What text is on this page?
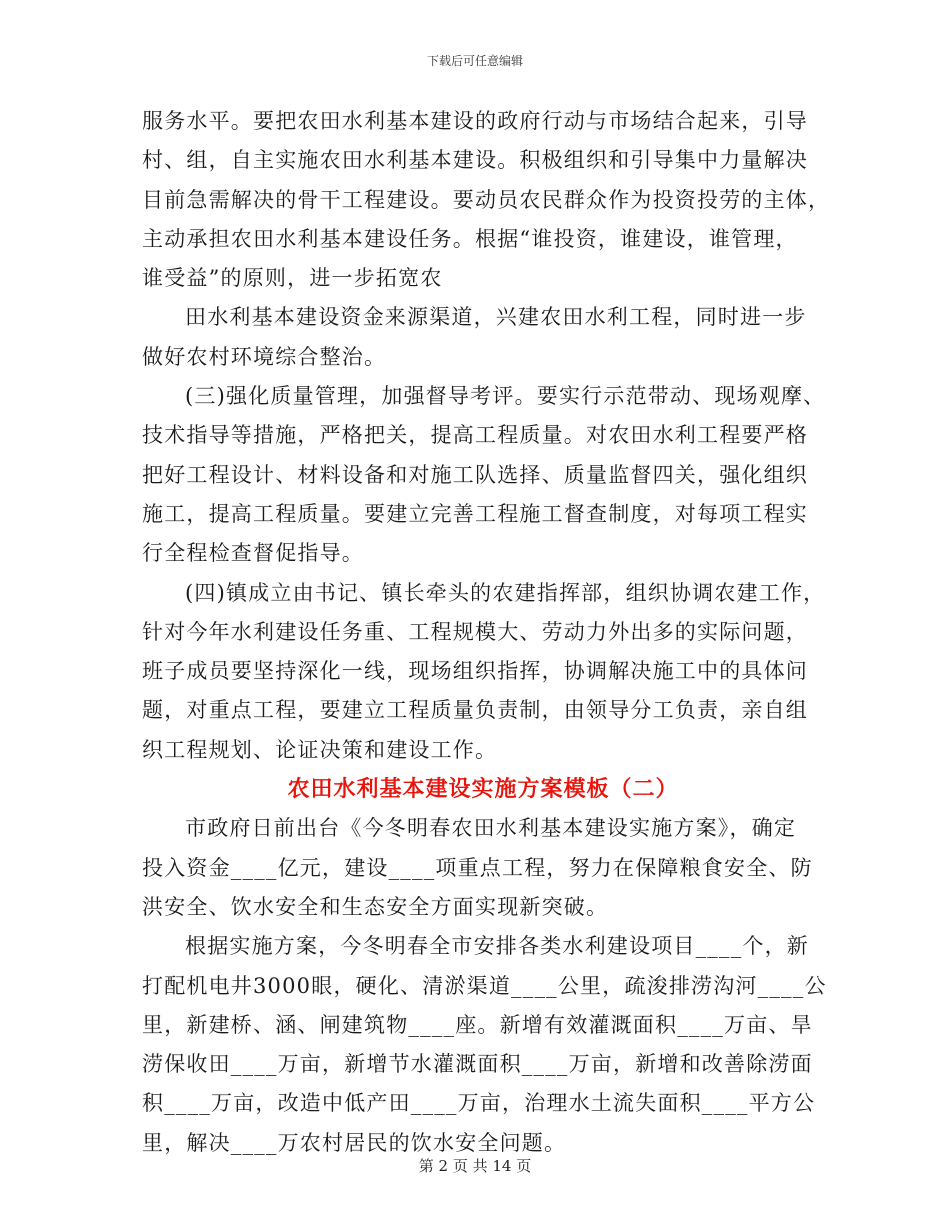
下载后可任意编辑
服务水平。要把农田水利基本建设的政府行动与市场结合起来，引导
村、组，自主实施农田水利基本建设。积极组织和引导集中力量解决
目前急需解决的骨干工程建设。要动员农民群众作为投资投劳的主体，
主动承担农田水利基本建设任务。根据“谁投资，谁建设，谁管理，
谁受益”的原则，进一步拓宽农
田水利基本建设资金来源渠道，兴建农田水利工程，同时进一步
做好农村环境综合整治。
(三)强化质量管理，加强督导考评。要实行示范带动、现场观摩、
技术指导等措施，严格把关，提高工程质量。对农田水利工程要严格
把好工程设计、材料设备和对施工队选择、质量监督四关，强化组织
施工，提高工程质量。要建立完善工程施工督查制度，对每项工程实
行全程检查督促指导。
(四)镇成立由书记、镇长牵头的农建指挥部，组织协调农建工作，
针对今年水利建设任务重、工程规模大、劳动力外出多的实际问题，
班子成员要坚持深化一线，现场组织指挥，协调解决施工中的具体问
题，对重点工程，要建立工程质量负责制，由领导分工负责，亲自组
织工程规划、论证决策和建设工作。
农田水利基本建设实施方案模板（二）
市政府日前出台《今冬明春农田水利基本建设实施方案》，确定
投入资金____亿元，建设____项重点工程，努力在保障粮食安全、防
洪安全、饮水安全和生态安全方面实现新突破。
根据实施方案，今冬明春全市安排各类水利建设项目____个，新
打配机电井3000眼，硬化、清淤渠道____公里，疏浚排涝沟河____公
里，新建桥、涵、闸建筑物____座。新增有效灌溉面积____万亩、旱
涝保收田____万亩，新增节水灌溉面积____万亩，新增和改善除涝面
积____万亩，改造中低产田____万亩，治理水土流失面积____平方公
里，解决____万农村居民的饮水安全问题。
第 2 页 共 14 页
